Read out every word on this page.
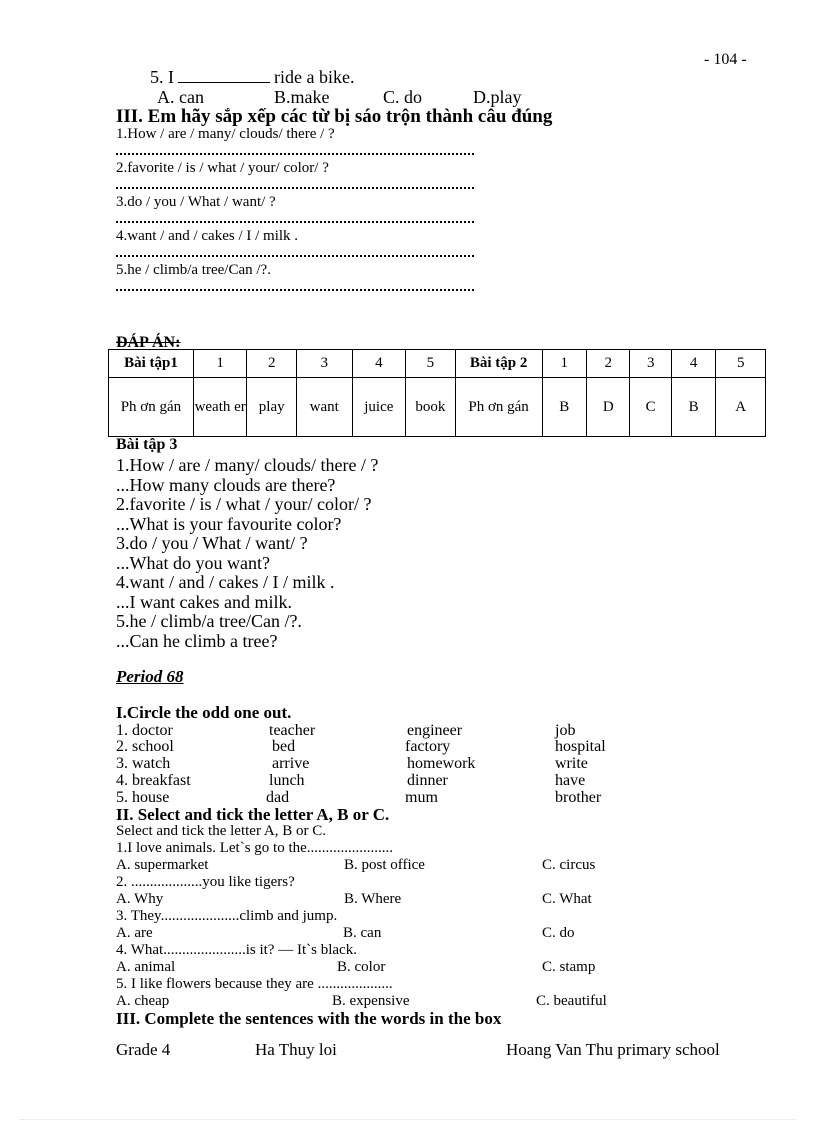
- 104 -
5. I	ride a bike.
A. can	B.make	C. do	D.play
III. Em hãy sắp xếp các từ bị sáo trộn thành câu đúng
1.How / are / many/ clouds/ there / ?
2.favorite / is / what / your/ color/ ?
3.do / you / What / want/ ?
4.want / and / cakes / I / milk .
5.he / climb/a tree/Can /?.
ĐÁP ÁN:
Bài tập1	1	2	3	4	5	Bài tập 2	1	2	3	4	5
Ph ơn gán	weath er	play	want	juice	book	Ph ơn gán	B	D	C	B	A
Bài tập 3
1.How / are / many/ clouds/ there / ?
...How many clouds are there?
2.favorite / is / what / your/ color/ ?
...What is your favourite color?
3.do / you / What / want/ ?
...What do you want?
4.want / and / cakes / I / milk .
...I want cakes and milk.
5.he / climb/a tree/Can /?.
...Can he climb a tree?
Period 68
I.Circle the odd one out.
1. doctor	teacher	engineer	job
2. school	bed	factory	hospital
3. watch	arrive	homework	write
4. breakfast	lunch	dinner	have
5. house	dad	mum	brother
II. Select and tick the letter A, B or C.
Select and tick the letter A, B or C.
1.I love animals. Let`s go to the.......................
A. supermarket	B. post office	C. circus
2. ...................you like tigers?
A. Why	B. Where	C. What
3. They.....................climb and jump.
A. are	B. can	C. do
4. What......................is it? — It`s black.
A. animal	B. color	C. stamp
5. I like flowers because they are ....................
A. cheap	B. expensive	C. beautiful
III. Complete the sentences with the words in the box
Grade 4	Ha Thuy loi	Hoang Van Thu primary school
